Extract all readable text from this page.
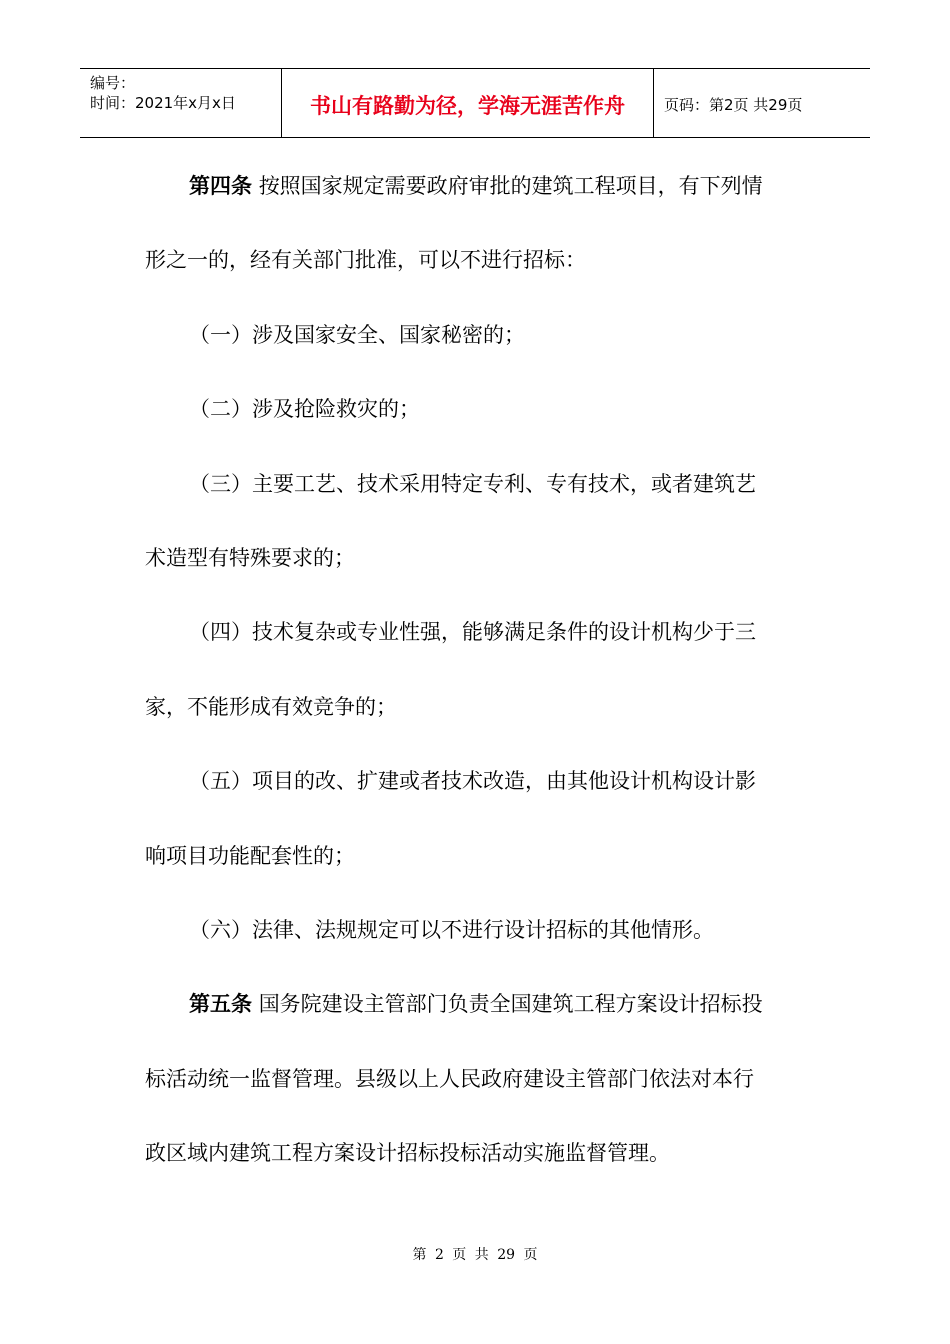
编号：
时间：2021年x月x日	书山有路勤为径，学海无涯苦作舟	页码：第2页 共29页
第四条 按照国家规定需要政府审批的建筑工程项目，有下列情
形之一的，经有关部门批准，可以不进行招标：
（一）涉及国家安全、国家秘密的；
（二）涉及抢险救灾的；
（三）主要工艺、技术采用特定专利、专有技术，或者建筑艺
术造型有特殊要求的；
（四）技术复杂或专业性强，能够满足条件的设计机构少于三
家，不能形成有效竞争的；
（五）项目的改、扩建或者技术改造，由其他设计机构设计影
响项目功能配套性的；
（六）法律、法规规定可以不进行设计招标的其他情形。
第五条 国务院建设主管部门负责全国建筑工程方案设计招标投
标活动统一监督管理。县级以上人民政府建设主管部门依法对本行
政区域内建筑工程方案设计招标投标活动实施监督管理。
第 2 页 共 29 页
